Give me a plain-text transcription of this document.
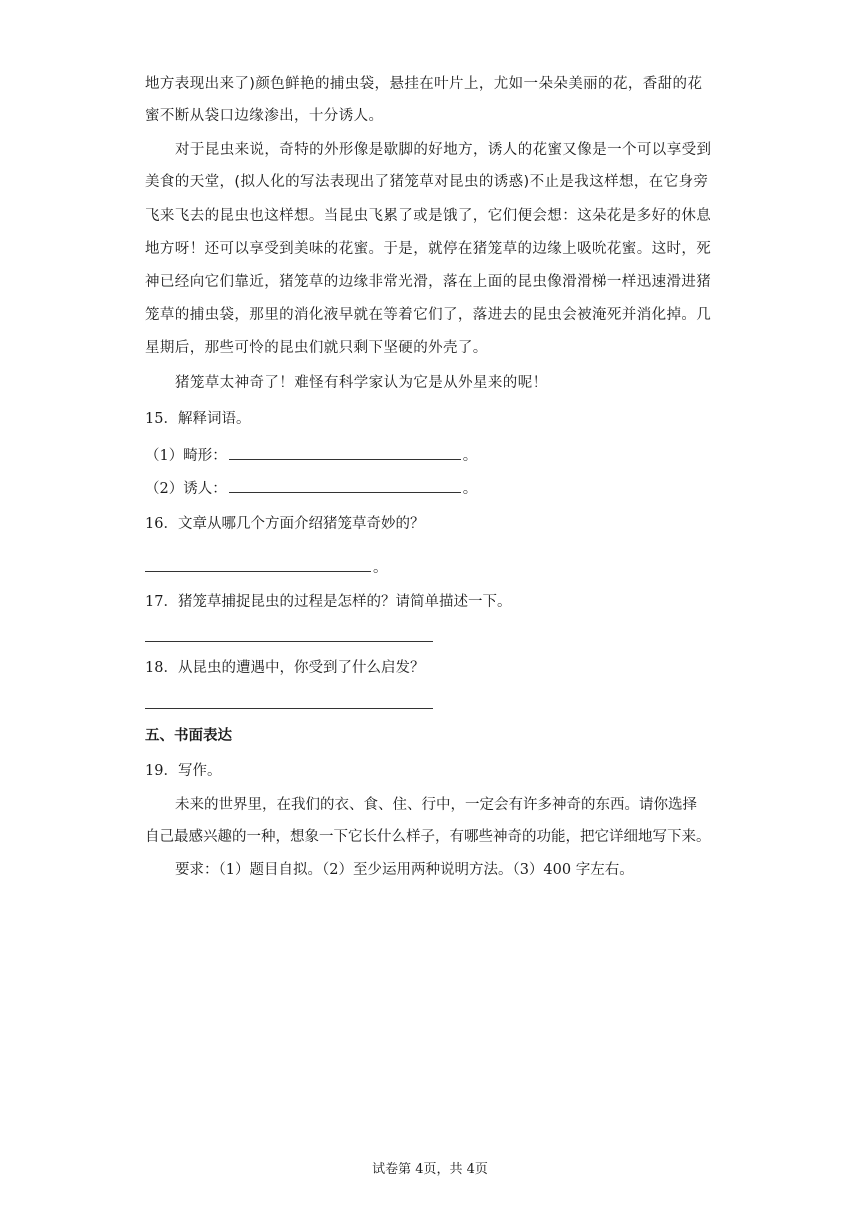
地方表现出来了)颜色鲜艳的捕虫袋，悬挂在叶片上，尤如一朵朵美丽的花，香甜的花
蜜不断从袋口边缘渗出，十分诱人。
对于昆虫来说，奇特的外形像是歇脚的好地方，诱人的花蜜又像是一个可以享受到
美食的天堂，(拟人化的写法表现出了猪笼草对昆虫的诱惑)不止是我这样想，在它身旁
飞来飞去的昆虫也这样想。当昆虫飞累了或是饿了，它们便会想：这朵花是多好的休息
地方呀！还可以享受到美味的花蜜。于是，就停在猪笼草的边缘上吸吮花蜜。这时，死
神已经向它们靠近，猪笼草的边缘非常光滑，落在上面的昆虫像滑滑梯一样迅速滑进猪
笼草的捕虫袋，那里的消化液早就在等着它们了，落进去的昆虫会被淹死并消化掉。几
星期后，那些可怜的昆虫们就只剩下坚硬的外壳了。
猪笼草太神奇了！难怪有科学家认为它是从外星来的呢！
15．解释词语。
（1）畸形：	。
（2）诱人：	。
16．文章从哪几个方面介绍猪笼草奇妙的？
。
17．猪笼草捕捉昆虫的过程是怎样的？请简单描述一下。
18．从昆虫的遭遇中，你受到了什么启发？
五、书面表达
19．写作。
未来的世界里，在我们的衣、食、住、行中，一定会有许多神奇的东西。请你选择
自己最感兴趣的一种，想象一下它长什么样子，有哪些神奇的功能，把它详细地写下来。
要求：（1）题目自拟。（2）至少运用两种说明方法。（3）400 字左右。
试卷第 4页，共 4页
